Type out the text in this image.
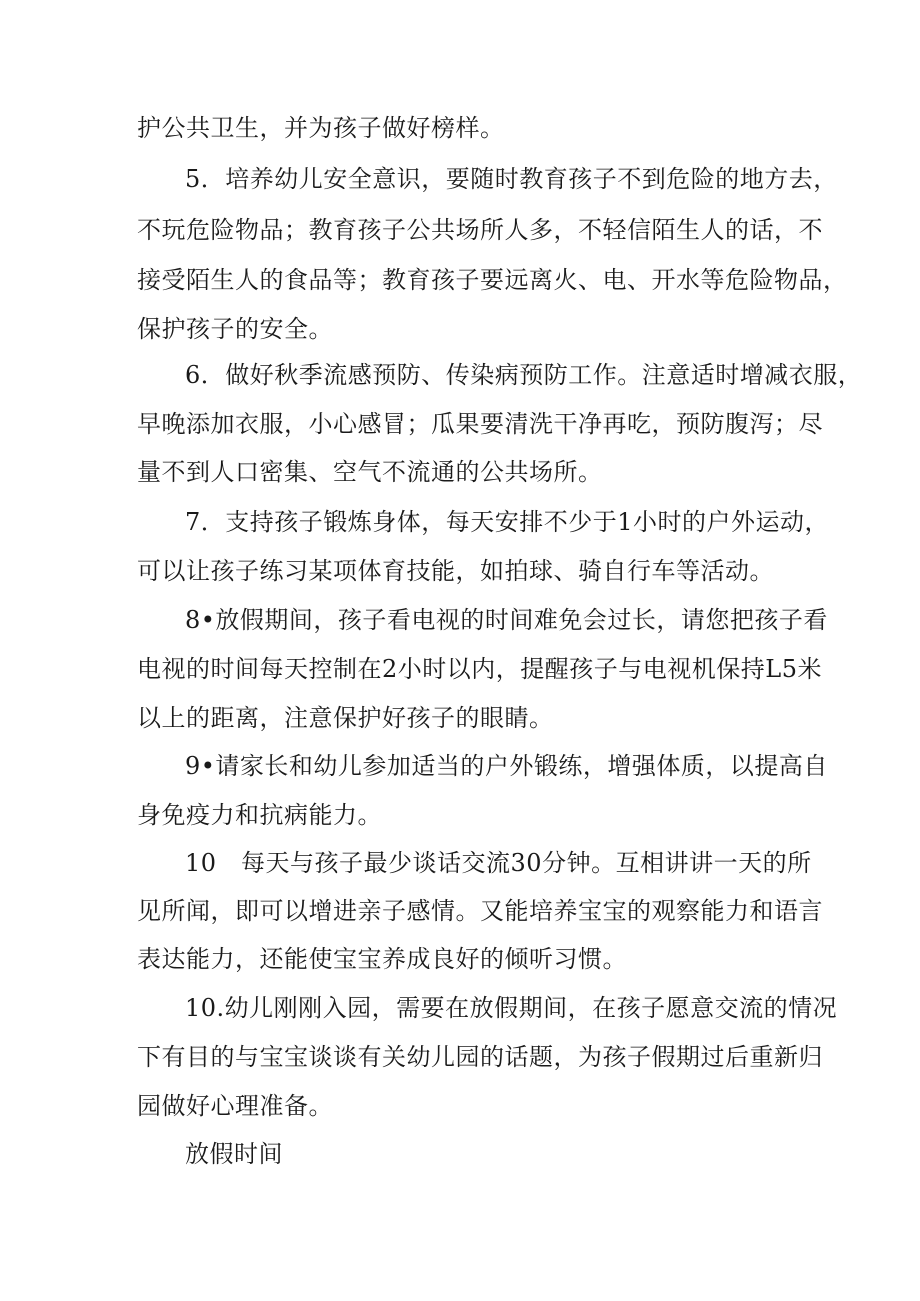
护公共卫生，并为孩子做好榜样。
5．培养幼儿安全意识，要随时教育孩子不到危险的地方去，
不玩危险物品；教育孩子公共场所人多，不轻信陌生人的话，不
接受陌生人的食品等；教育孩子要远离火、电、开水等危险物品，
保护孩子的安全。
6．做好秋季流感预防、传染病预防工作。注意适时增减衣服，
早晚添加衣服，小心感冒；瓜果要清洗干净再吃，预防腹泻；尽
量不到人口密集、空气不流通的公共场所。
7．支持孩子锻炼身体，每天安排不少于1小时的户外运动，
可以让孩子练习某项体育技能，如拍球、骑自行车等活动。
8•放假期间，孩子看电视的时间难免会过长，请您把孩子看
电视的时间每天控制在2小时以内，提醒孩子与电视机保持L5米
以上的距离，注意保护好孩子的眼睛。
9•请家长和幼儿参加适当的户外锻练，增强体质，以提高自
身免疫力和抗病能力。
10　每天与孩子最少谈话交流30分钟。互相讲讲一天的所
见所闻，即可以增进亲子感情。又能培养宝宝的观察能力和语言
表达能力，还能使宝宝养成良好的倾听习惯。
10.幼儿刚刚入园，需要在放假期间，在孩子愿意交流的情况
下有目的与宝宝谈谈有关幼儿园的话题，为孩子假期过后重新归
园做好心理准备。
放假时间
